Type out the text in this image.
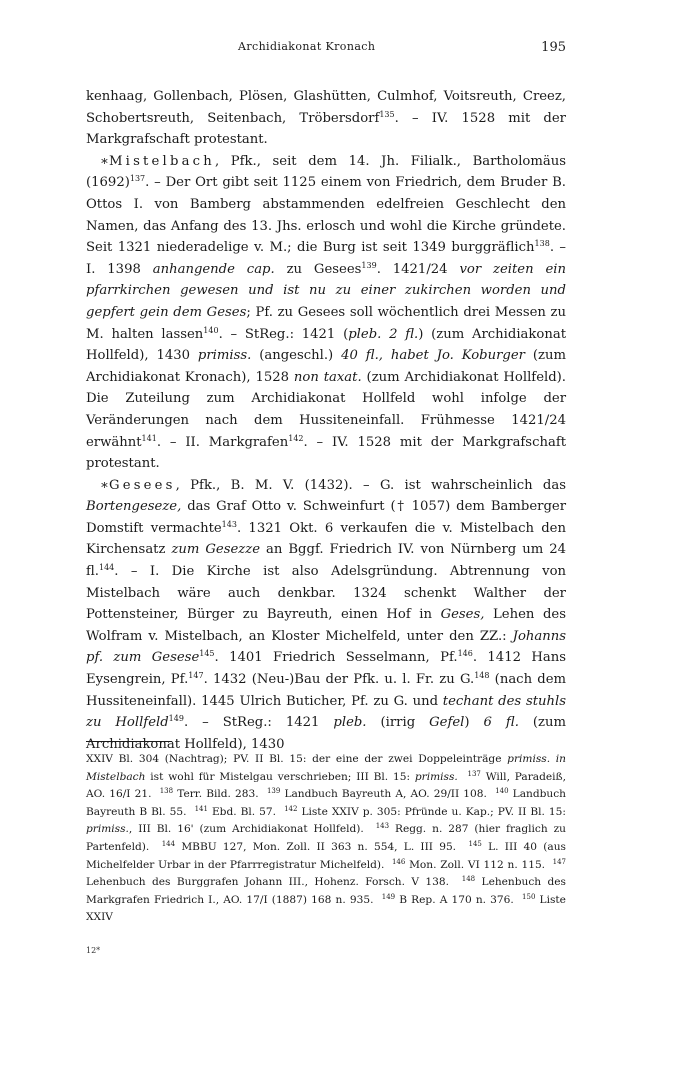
Archidiakonat Kronach	195

kenhaag, Gollenbach, Plösen, Glashütten, Culmhof, Voitsreuth, Creez, Schobertsreuth, Seitenbach, Tröbersdorf$^{135}$. – IV. 1528 mit der Markgrafschaft protestant.

∗Mistelbach, Pfk., seit dem 14. Jh. Filialk., Bartholomäus $(1692)^{137}$. – Der Ort gibt seit 1125 einem von Friedrich, dem Bruder B. Ottos I. von Bamberg abstammenden edelfreien Geschlecht den Namen, das Anfang des 13. Jhs. erlosch und wohl die Kirche gründete. Seit 1321 niederadelige v. M.; die Burg ist seit 1349 burggräflich$^{138}$. – I. 1398 anhangende cap. zu Gesees$^{139}$. 1421/24 vor zeiten ein pfarrkirchen gewesen und ist nu zu einer zukirchen worden und gepfert gein dem Geses; Pf. zu Gesees soll wöchentlich drei Messen zu M. halten lassen$^{140}$. – StReg.: 1421 (pleb. 2 fl.) (zum Archidiakonat Hollfeld), 1430 primiss. (angeschl.) 40 fl., habet Jo. Koburger (zum Archidiakonat Kronach), 1528 non taxat. (zum Archidiakonat Hollfeld). Die Zuteilung zum Archidiakonat Hollfeld wohl infolge der Veränderungen nach dem Hussiteneinfall. Frühmesse 1421/24 erwähnt$^{141}$. – II. Markgrafen$^{142}$. – IV. 1528 mit der Markgrafschaft protestant.

∗Gesees, Pfk., B. M. V. (1432). – G. ist wahrscheinlich das Bortengeseze, das Graf Otto v. Schweinfurt († 1057) dem Bamberger Domstift vermachte$^{143}$. 1321 Okt. 6 verkaufen die v. Mistelbach den Kirchensatz zum Gesezze an Bggf. Friedrich IV. von Nürnberg um 24 fl.$^{144}$. – I. Die Kirche ist also Adelsgründung. Abtrennung von Mistelbach wäre auch denkbar. 1324 schenkt Walther der Pottensteiner, Bürger zu Bayreuth, einen Hof in Geses, Lehen des Wolfram v. Mistelbach, an Kloster Michelfeld, unter den ZZ.: Johanns pf. zum Gesese$^{145}$. 1401 Friedrich Sesselmann, Pf.$^{146}$. 1412 Hans Eysengrein, Pf.$^{147}$. 1432 (Neu-)Bau der Pfk. u. l. Fr. zu G.$^{148}$ (nach dem Hussiteneinfall). 1445 Ulrich Buticher, Pf. zu G. und techant des stuhls zu Hollfeld$^{149}$. – StReg.: 1421 pleb. (irrig Gefel) 6 fl. (zum Archidiakonat Hollfeld), 1430

XXIV Bl. 304 (Nachtrag); PV. II Bl. 15: der eine der zwei Doppeleinträge primiss. in Mistelbach ist wohl für Mistelgau verschrieben; III Bl. 15: primiss. $^{137}$ Will, Paradeiß, AO. 16/I 21. $^{138}$ Terr. Bild. 283. $^{139}$ Landbuch Bayreuth A, AO. 29/II 108. $^{140}$ Landbuch Bayreuth B Bl. 55. $^{141}$ Ebd. Bl. 57. $^{142}$ Liste XXIV p. 305: Pfründe u. Kap.; PV. II Bl. 15: primiss., III Bl. 16' (zum Archidiakonat Hollfeld). $^{143}$ Regg. n. 287 (hier fraglich zu Partenfeld). $^{144}$ MBBU 127, Mon. Zoll. II 363 n. 554, L. III 95. $^{145}$ L. III 40 (aus Michelfelder Urbar in der Pfarrregistratur Michelfeld). $^{146}$ Mon. Zoll. VI 112 n. 115. $^{147}$ Lehenbuch des Burggrafen Johann III., Hohenz. Forsch. V 138. $^{148}$ Lehenbuch des Markgrafen Friedrich I., AO. 17/I (1887) 168 n. 935. $^{149}$ B Rep. A 170 n. 376. $^{150}$ Liste XXIV
12*
